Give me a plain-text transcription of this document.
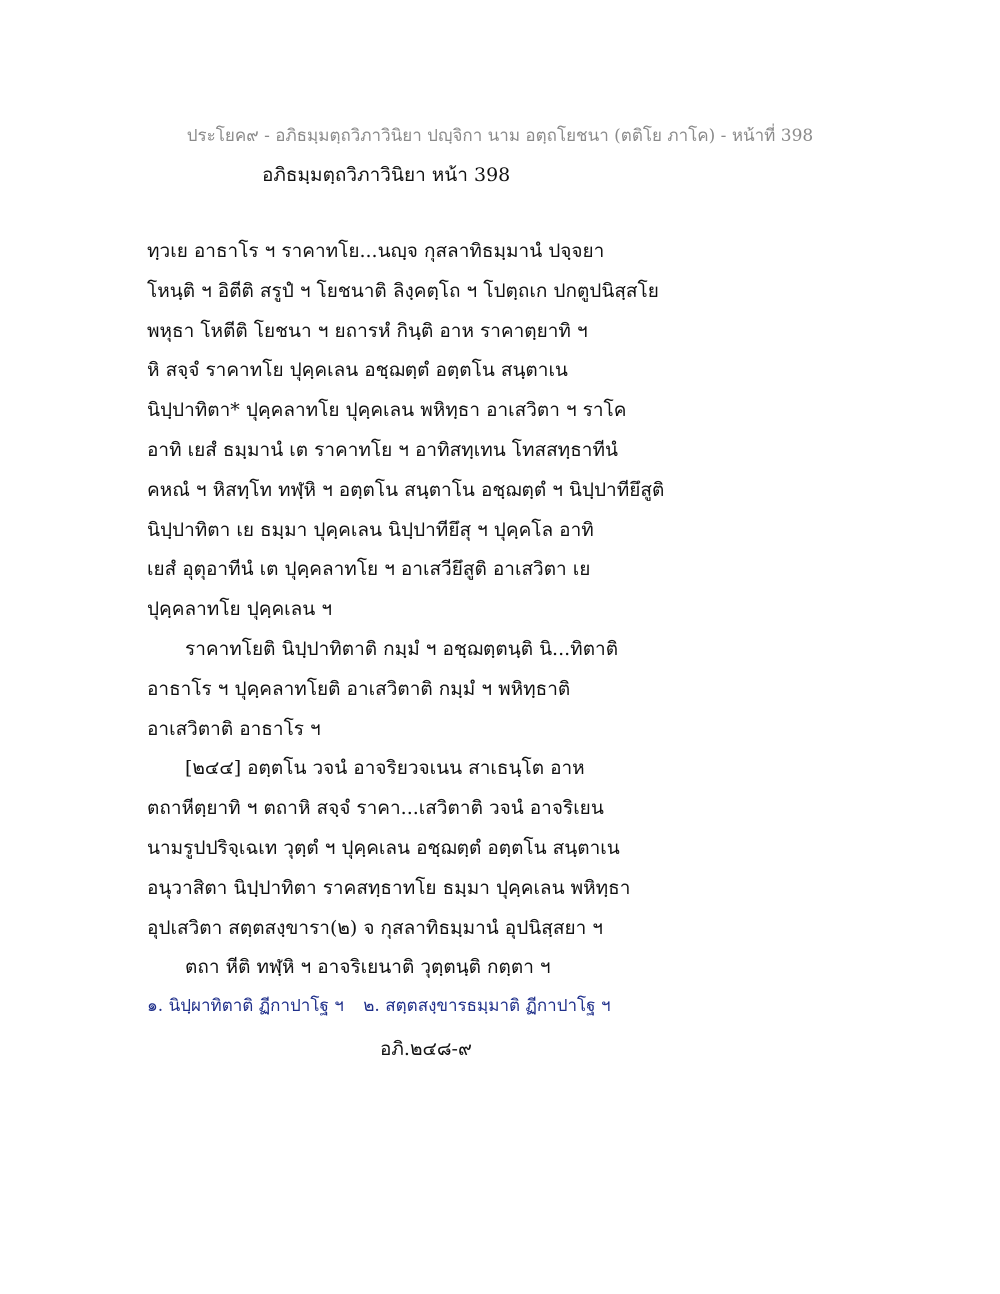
ประโยค๙ - อภิธมฺมตฺถวิภาวินิยา ปญฺจิกา นาม อตฺถโยชนา (ตติโย ภาโค) - หน้าที่ 398
อภิธมฺมตฺถวิภาวินิยา หน้า 398
ทฺวเย อาธาโร ฯ ราคาทโย...นญฺจ กุสลาทิธมฺมานํ ปจฺจยา
โหนฺติ ฯ อิตีติ สรูปํ ฯ โยชนาติ ลิงฺคตฺโถ ฯ โปตฺถเก ปกตูปนิสฺสโย
พหุธา โหตีติ โยชนา ฯ ยถารหํ กินฺติ อาห ราคาตฺยาทิ ฯ
หิ สจฺจํ ราคาทโย ปุคฺคเลน อชฺฌตฺตํ อตฺตโน สนฺตาเน
นิปฺปาทิตา* ปุคฺคลาทโย ปุคฺคเลน พหิทฺธา อาเสวิตา ฯ ราโค
อาทิ เยสํ ธมฺมานํ เต ราคาทโย ฯ อาทิสทฺเทน โทสสทฺธาทีนํ
คหณํ ฯ หิสทฺโท ทฬฺหิ ฯ อตฺตโน สนฺตาโน อชฺฌตฺตํ ฯ นิปฺปาทียึสูติ
นิปฺปาทิตา เย ธมฺมา ปุคฺคเลน นิปฺปาทียึสุ ฯ ปุคฺคโล อาทิ
เยสํ อุตุอาทีนํ เต ปุคฺคลาทโย ฯ อาเสวียึสูติ อาเสวิตา เย
ปุคฺคลาทโย ปุคฺคเลน ฯ
ราคาทโยติ นิปฺปาทิตาติ กมฺมํ ฯ อชฺฌตฺตนฺติ นิ...ทิตาติ
อาธาโร ฯ ปุคฺคลาทโยติ อาเสวิตาติ กมฺมํ ฯ พหิทฺธาติ
อาเสวิตาติ อาธาโร ฯ
[๒๔๔] อตฺตโน วจนํ อาจริยวจเนน สาเธนฺโต อาห
ตถาหีตฺยาทิ ฯ ตถาหิ สจฺจํ ราคา...เสวิตาติ วจนํ อาจริเยน
นามรูปปริจฺเฉเท วุตฺตํ ฯ ปุคฺคเลน อชฺฌตฺตํ อตฺตโน สนฺตาเน
อนุวาสิตา นิปฺปาทิตา ราคสทฺธาทโย ธมฺมา ปุคฺคเลน พหิทฺธา
อุปเสวิตา สตฺตสงฺขารา(๒) จ กุสลาทิธมฺมานํ อุปนิสฺสยา ฯ
ตถา หีติ ทฬฺหิ ฯ อาจริเยนาติ วุตฺตนฺติ กตฺตา ฯ
๑. นิปฺผาทิตาติ ฏีกาปาโฐ ฯ ๒. สตฺตสงฺขารธมฺมาติ ฏีกาปาโฐ ฯ
อภิ.๒๔๘-๙
